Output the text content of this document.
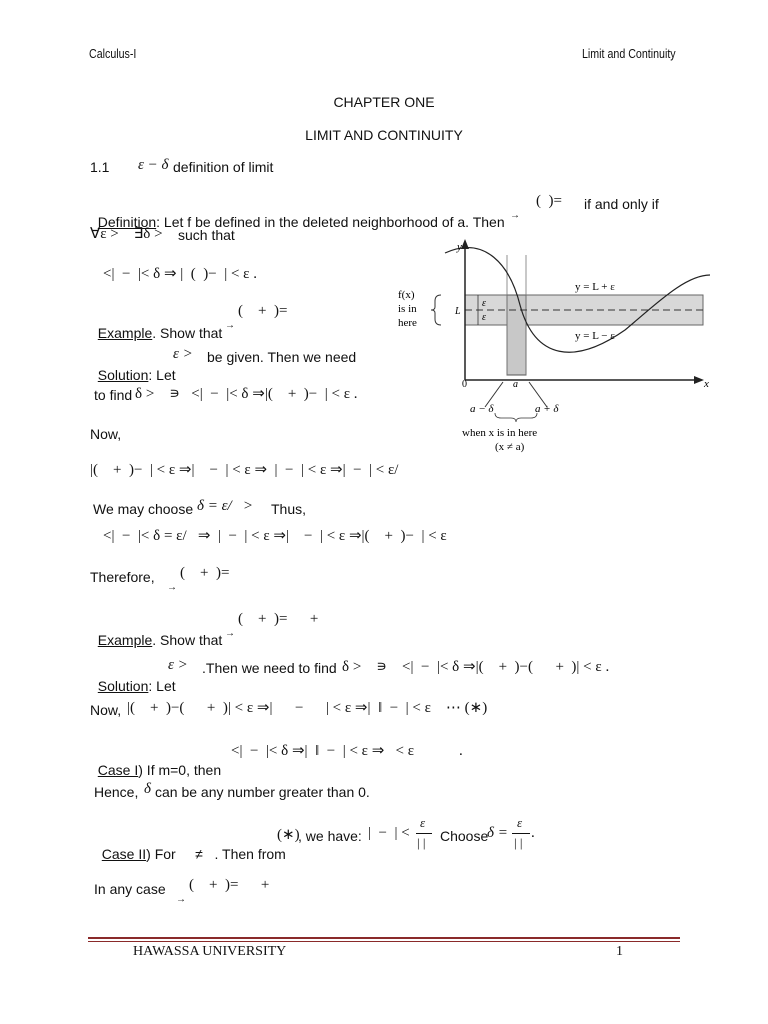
Calculus-I	Limit and Continuity
CHAPTER ONE
LIMIT AND CONTINUITY
1.1 ε − δ definition of limit

Definition: Let f be defined in the deleted neighborhood of a. Then

(  )=
→
if and only if
∀ε >    ∃δ > such that
<|  −  |< δ ⇒ |  (  )−  | < ε .

Example. Show that

(    +  )=
→

Solution: Let

ε > be given. Then we need
to find δ >    ∍   <|  −  |< δ ⇒|(    +  )−  | < ε .
Now,
|(    +  )−  | < ε ⇒|    −  | < ε ⇒  |  −  | < ε ⇒|  −  | < ε/
We may choose δ = ε/   > Thus,
<|  −  |< δ = ε/   ⇒  |  −  | < ε ⇒|    −  | < ε ⇒|(    +  )−  | < ε
Therefore, (    +  )=
→

Example. Show that

(    +  )=      +
→

Solution: Let

ε > .Then we need to find δ >    ∍    <|  −  |< δ ⇒|(    +  )−(      +  )| < ε .
Now, |(    +  )−(      +  )| < ε ⇒|      −      | < ε ⇒|  ‖  −  | < ε    ⋯ (∗)

Case I) If m=0, then

<|  −  |< δ ⇒|  ‖  −  | < ε ⇒   < ε            .
Hence, δ can be any number greater than 0.

Case II) For     ≠   . Then from

(∗)
, we have: |  −  | <
ε
| | Choose
δ =
ε
| |
.
In any case (    +  )=      +
→
y
x
f(x)
is in
here
L
ε
ε
y = L + ε
y = L − ε
0	a
a − δ	a + δ
when x is in here
(x ≠ a)
HAWASSA UNIVERSITY	1
